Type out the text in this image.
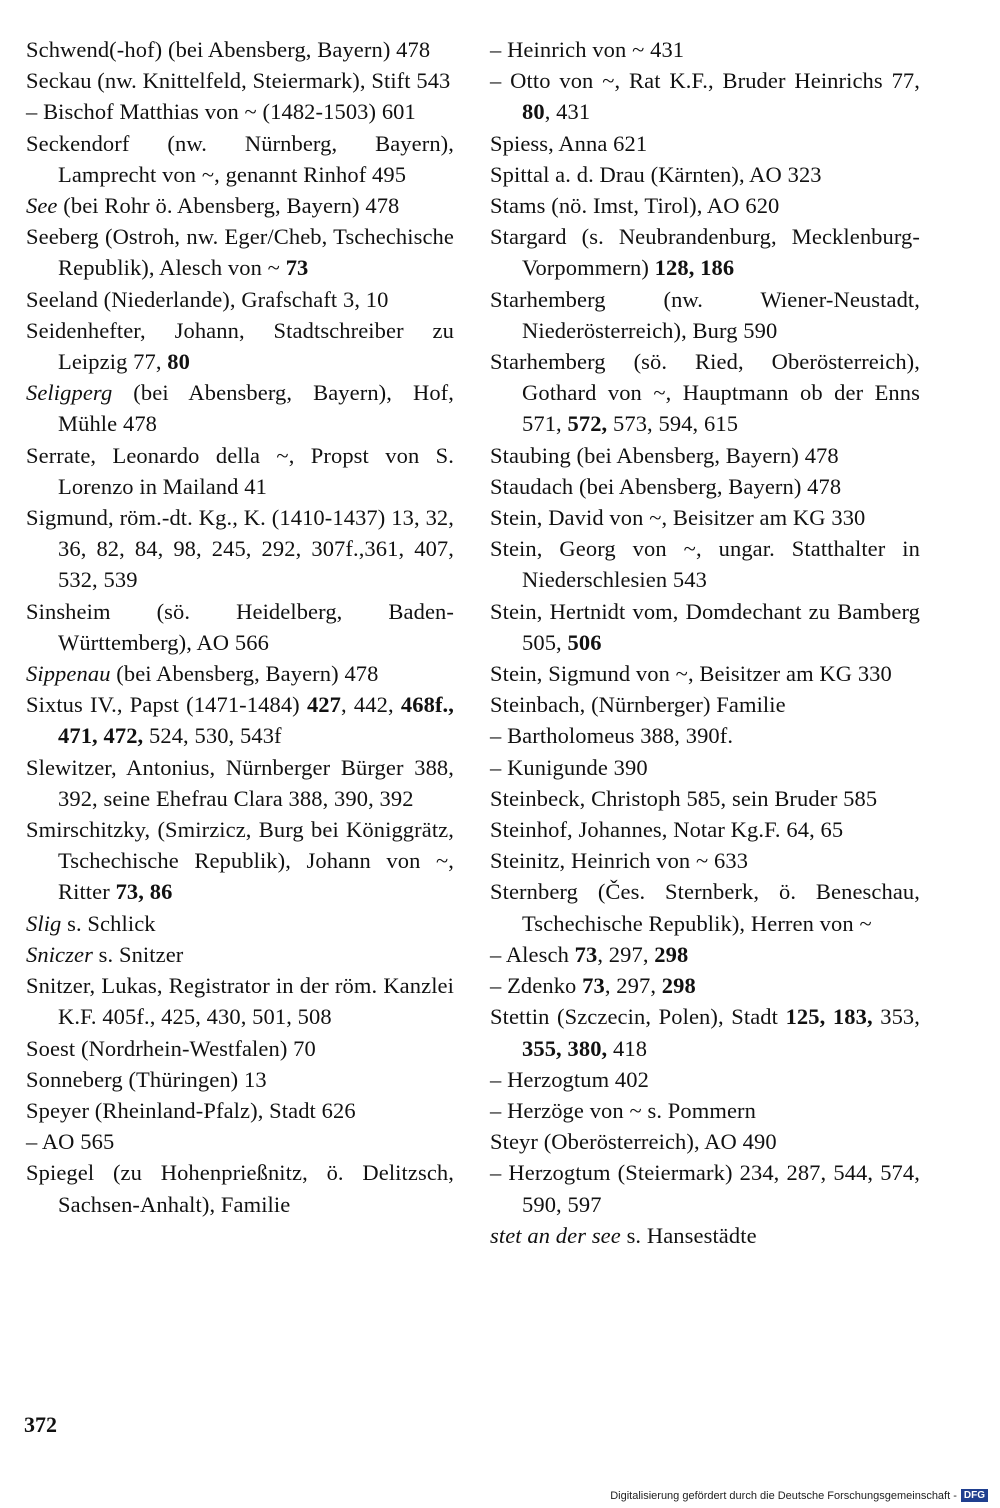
Schwend(-hof) (bei Abensberg, Bayern) 478
Seckau (nw. Knittelfeld, Steiermark), Stift 543
– Bischof Matthias von ~ (1482-1503) 601
Seckendorf (nw. Nürnberg, Bayern), Lamprecht von ~, genannt Rinhof 495
See (bei Rohr ö. Abensberg, Bayern) 478
Seeberg (Ostroh, nw. Eger/Cheb, Tschechische Republik), Alesch von ~ 73
Seeland (Niederlande), Grafschaft 3, 10
Seidenhefter, Johann, Stadtschreiber zu Leipzig 77, 80
Seligperg (bei Abensberg, Bayern), Hof, Mühle 478
Serrate, Leonardo della ~, Propst von S. Lorenzo in Mailand 41
Sigmund, röm.-dt. Kg., K. (1410-1437) 13, 32, 36, 82, 84, 98, 245, 292, 307f.,361, 407, 532, 539
Sinsheim (sö. Heidelberg, Baden-Württemberg), AO 566
Sippenau (bei Abensberg, Bayern) 478
Sixtus IV., Papst (1471-1484) 427, 442, 468f., 471, 472, 524, 530, 543f
Slewitzer, Antonius, Nürnberger Bürger 388, 392, seine Ehefrau Clara 388, 390, 392
Smirschitzky, (Smirzicz, Burg bei Königgrätz, Tschechische Republik), Johann von ~, Ritter 73, 86
Slig s. Schlick
Sniczer s. Snitzer
Snitzer, Lukas, Registrator in der röm. Kanzlei K.F. 405f., 425, 430, 501, 508
Soest (Nordrhein-Westfalen) 70
Sonneberg (Thüringen) 13
Speyer (Rheinland-Pfalz), Stadt 626
– AO 565
Spiegel (zu Hohenprießnitz, ö. Delitzsch, Sachsen-Anhalt), Familie
– Heinrich von ~ 431
– Otto von ~, Rat K.F., Bruder Heinrichs 77, 80, 431
Spiess, Anna 621
Spittal a. d. Drau (Kärnten), AO 323
Stams (nö. Imst, Tirol), AO 620
Stargard (s. Neubrandenburg, Mecklenburg-Vorpommern) 128, 186
Starhemberg (nw. Wiener-Neustadt, Niederösterreich), Burg 590
Starhemberg (sö. Ried, Oberösterreich), Gothard von ~, Hauptmann ob der Enns 571, 572, 573, 594, 615
Staubing (bei Abensberg, Bayern) 478
Staudach (bei Abensberg, Bayern) 478
Stein, David von ~, Beisitzer am KG 330
Stein, Georg von ~, ungar. Statthalter in Niederschlesien 543
Stein, Hertnidt vom, Domdechant zu Bamberg 505, 506
Stein, Sigmund von ~, Beisitzer am KG 330
Steinbach, (Nürnberger) Familie
– Bartholomeus 388, 390f.
– Kunigunde 390
Steinbeck, Christoph 585, sein Bruder 585
Steinhof, Johannes, Notar Kg.F. 64, 65
Steinitz, Heinrich von ~ 633
Sternberg (Čes. Sternberk, ö. Beneschau, Tschechische Republik), Herren von ~
– Alesch 73, 297, 298
– Zdenko 73, 297, 298
Stettin (Szczecin, Polen), Stadt 125, 183, 353, 355, 380, 418
– Herzogtum 402
– Herzöge von ~ s. Pommern
Steyr (Oberösterreich), AO 490
– Herzogtum (Steiermark) 234, 287, 544, 574, 590, 597
stet an der see s. Hansestädte
372
Digitalisierung gefördert durch die Deutsche Forschungsgemeinschaft - DFG
